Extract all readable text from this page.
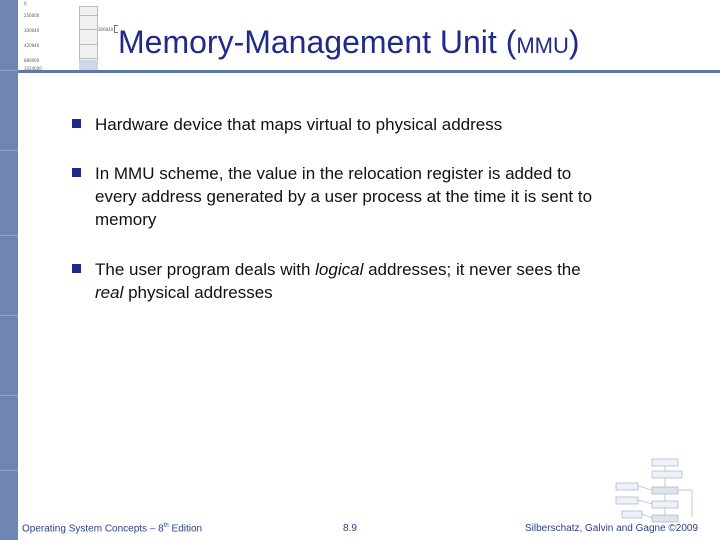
0
256000
300040
420940
880000
1024000
300040 Memory-Management Unit (MMU)
Hardware device that maps virtual to physical address
In MMU scheme, the value in the relocation register is added to
every address generated by a user process at the time it is sent to
memory
The user program deals with logical addresses; it never sees the
real physical addresses
Operating System Concepts – 8th Edition	8.9	Silberschatz, Galvin and Gagne ©2009
